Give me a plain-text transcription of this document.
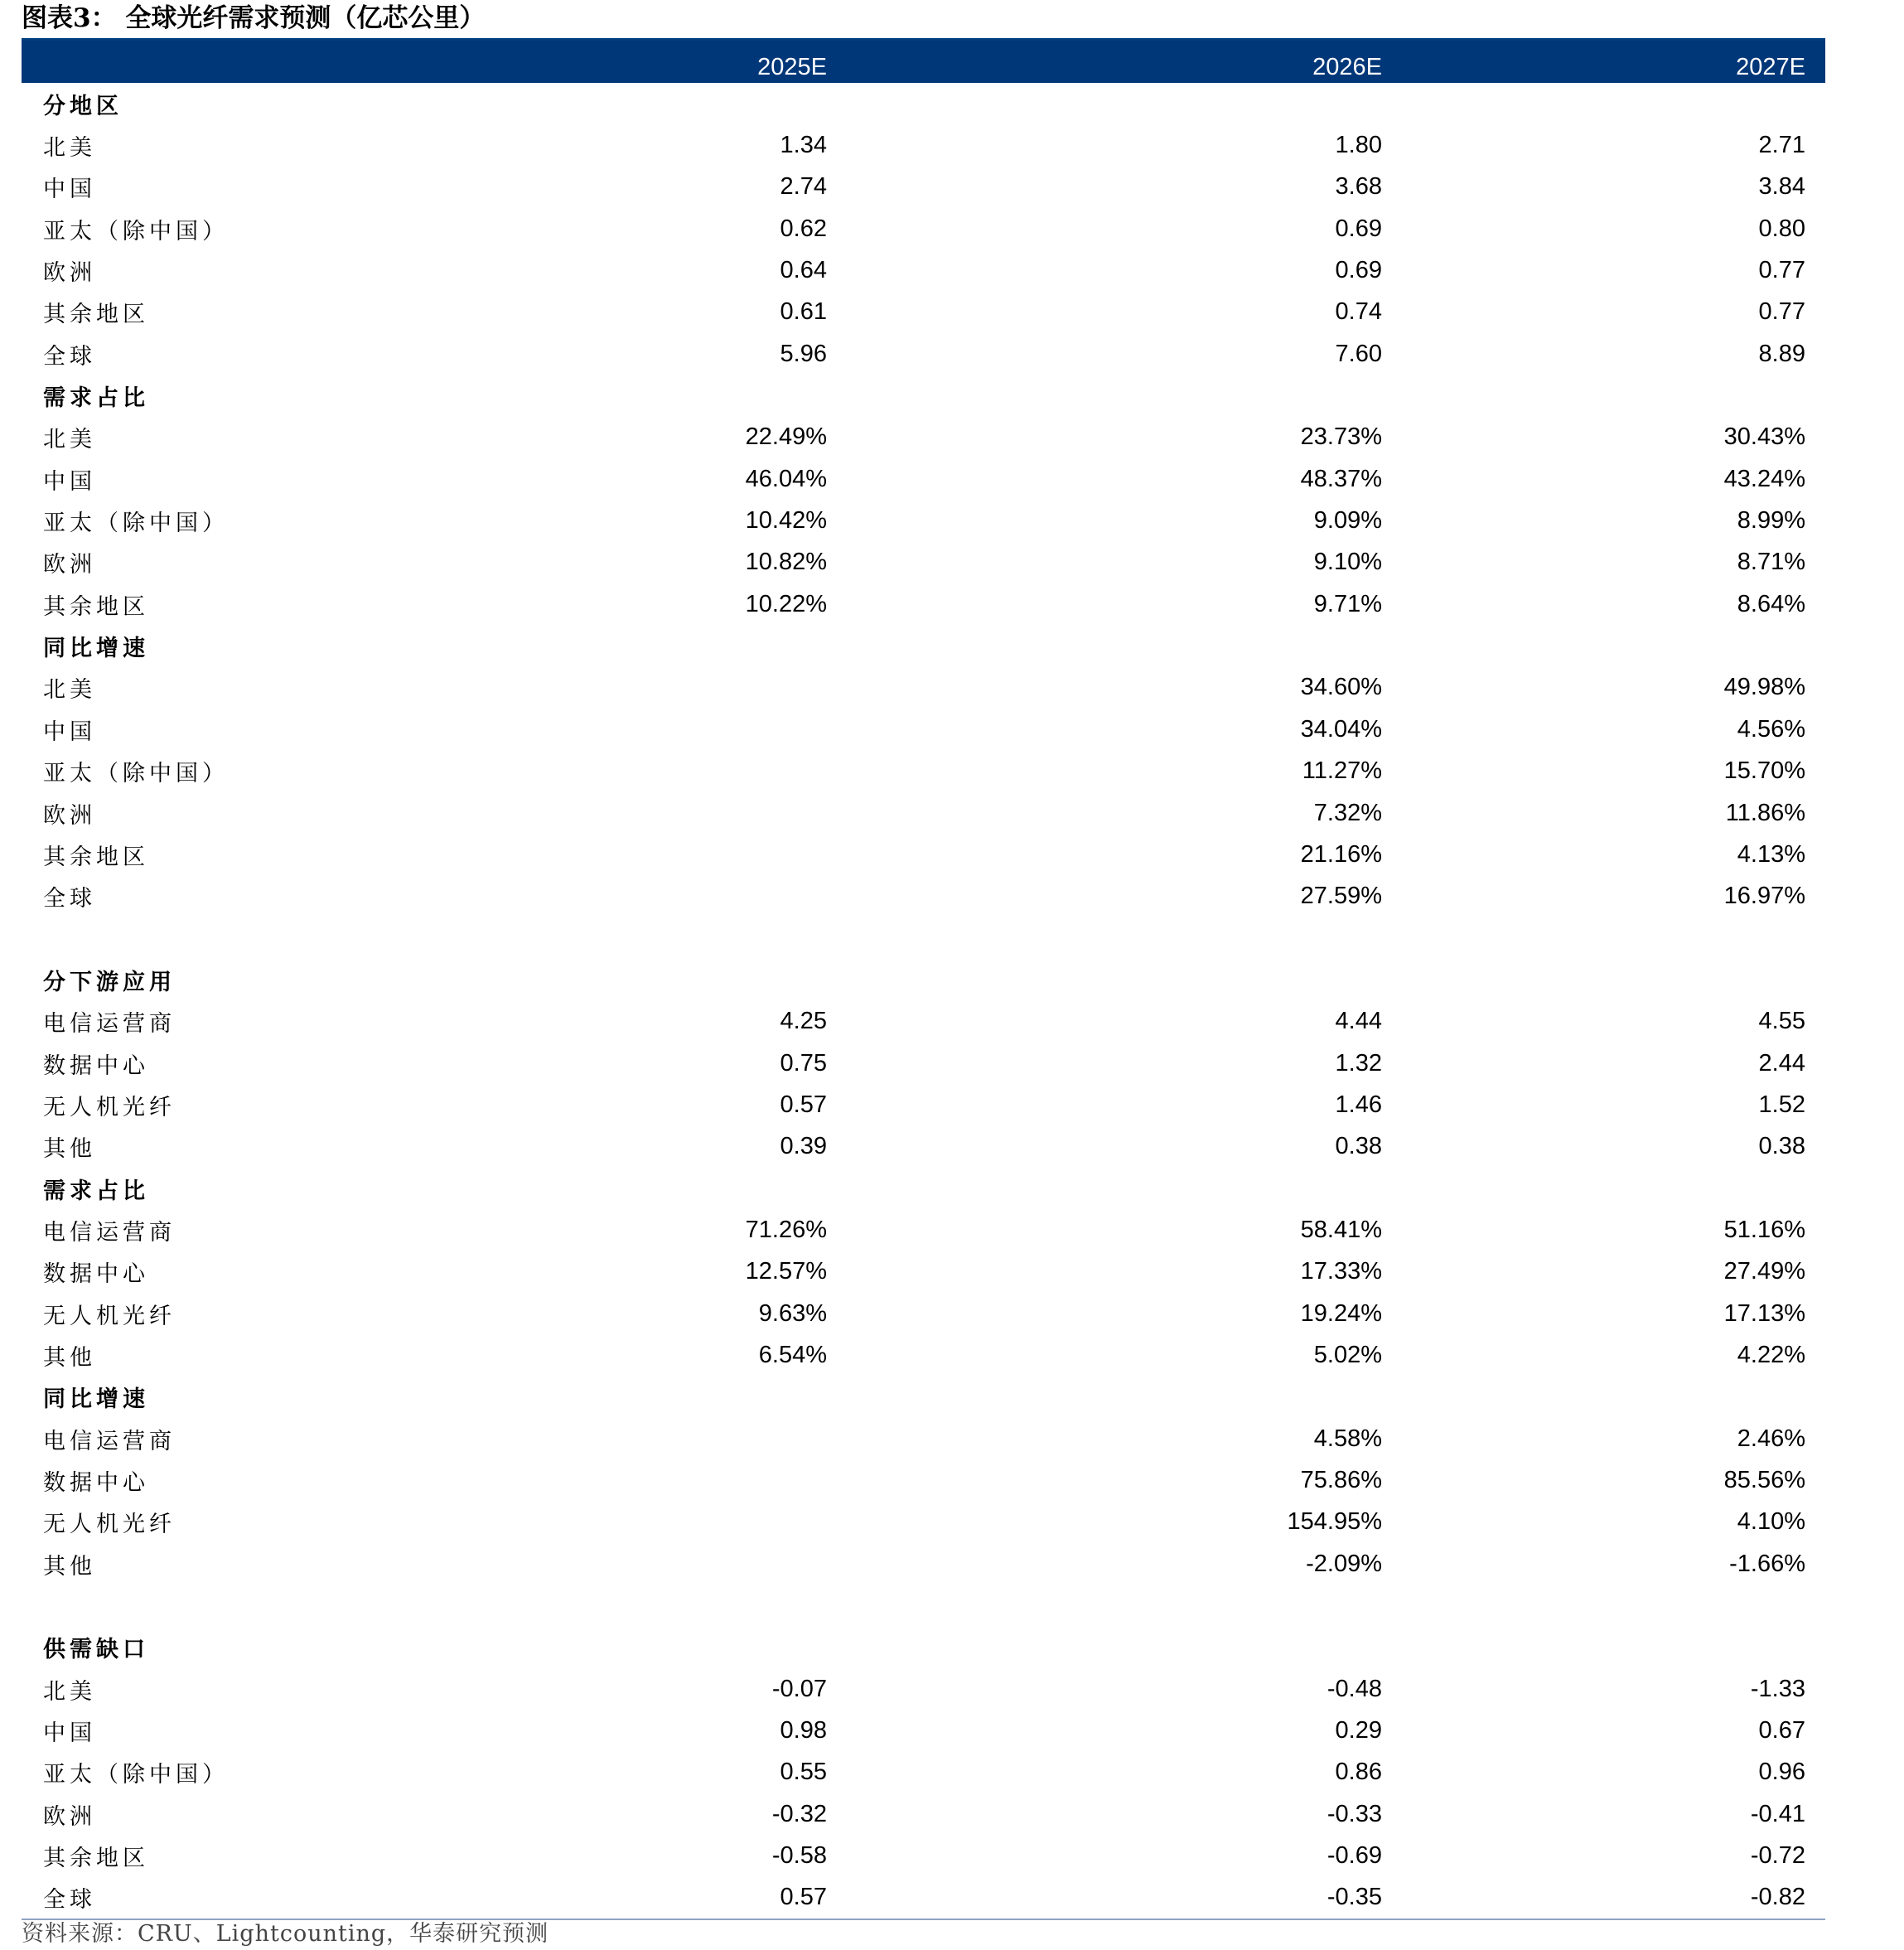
图表3： 全球光纤需求预测（亿芯公里）
	2025E	2026E	2027E
分地区			
北美	1.34	1.80	2.71
中国	2.74	3.68	3.84
亚太（除中国）	0.62	0.69	0.80
欧洲	0.64	0.69	0.77
其余地区	0.61	0.74	0.77
全球	5.96	7.60	8.89
需求占比			
北美	22.49%	23.73%	30.43%
中国	46.04%	48.37%	43.24%
亚太（除中国）	10.42%	9.09%	8.99%
欧洲	10.82%	9.10%	8.71%
其余地区	10.22%	9.71%	8.64%
同比增速			
北美		34.60%	49.98%
中国		34.04%	4.56%
亚太（除中国）		11.27%	15.70%
欧洲		7.32%	11.86%
其余地区		21.16%	4.13%
全球		27.59%	16.97%

分下游应用			
电信运营商	4.25	4.44	4.55
数据中心	0.75	1.32	2.44
无人机光纤	0.57	1.46	1.52
其他	0.39	0.38	0.38
需求占比			
电信运营商	71.26%	58.41%	51.16%
数据中心	12.57%	17.33%	27.49%
无人机光纤	9.63%	19.24%	17.13%
其他	6.54%	5.02%	4.22%
同比增速			
电信运营商		4.58%	2.46%
数据中心		75.86%	85.56%
无人机光纤		154.95%	4.10%
其他		-2.09%	-1.66%

供需缺口			
北美	-0.07	-0.48	-1.33
中国	0.98	0.29	0.67
亚太（除中国）	0.55	0.86	0.96
欧洲	-0.32	-0.33	-0.41
其余地区	-0.58	-0.69	-0.72
全球	0.57	-0.35	-0.82
资料来源：CRU、Lightcounting，华泰研究预测
